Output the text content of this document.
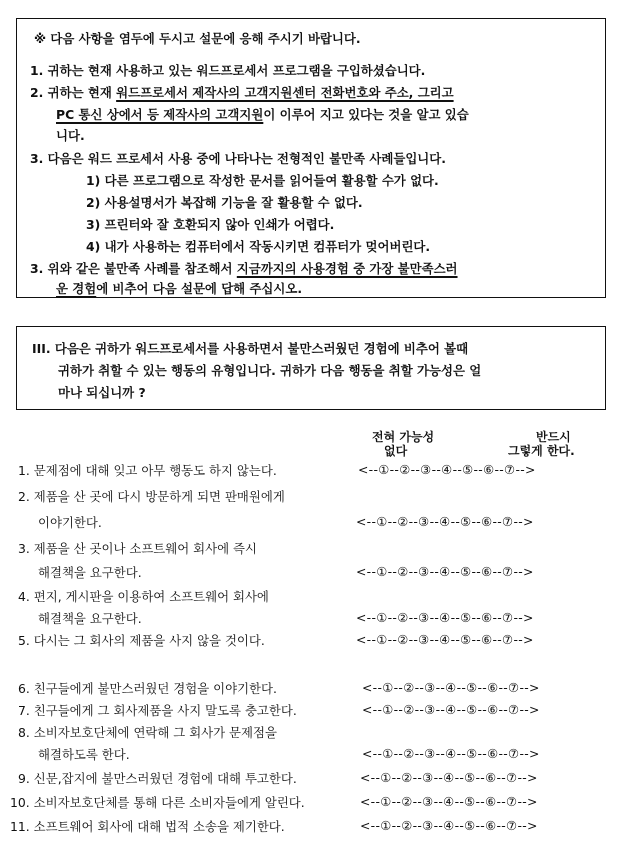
※ 다음 사항을 염두에 두시고 설문에 응해 주시기 바랍니다.
1. 귀하는 현재 사용하고 있는 워드프로세서 프로그램을 구입하셨습니다.
2. 귀하는 현재 워드프로세서 제작사의 고객지원센터 전화번호와 주소, 그리고
PC 통신 상에서 등 제작사의 고객지원이 이루어 지고 있다는 것을 알고 있습
니다.
3. 다음은 워드 프로세서 사용 중에 나타나는 전형적인 불만족 사례들입니다.
1) 다른 프로그램으로 작성한 문서를 읽어들여 활용할 수가 없다.
2) 사용설명서가 복잡해 기능을 잘 활용할 수 없다.
3) 프린터와 잘 호환되지 않아 인쇄가 어렵다.
4) 내가 사용하는 컴퓨터에서 작동시키면 컴퓨터가 멎어버린다.
3. 위와 같은 불만족 사례를 참조해서 지금까지의 사용경험 중 가장 불만족스러
운 경험에 비추어 다음 설문에 답해 주십시오.
III. 다음은 귀하가 워드프로세서를 사용하면서 불만스러웠던 경험에 비추어 볼때
귀하가 취할 수 있는 행동의 유형입니다. 귀하가 다음 행동을 취할 가능성은 얼
마나 되십니까 ?
전혀 가능성
없다
반드시
그렇게 한다.
1. 문제점에 대해 잊고 아무 행동도 하지 않는다.	<--①--②--③--④--⑤--⑥--⑦-->
2. 제품을 산 곳에 다시 방문하게 되면 판매원에게
이야기한다.	<--①--②--③--④--⑤--⑥--⑦-->
3. 제품을 산 곳이나 소프트웨어 회사에 즉시
해결책을 요구한다.	<--①--②--③--④--⑤--⑥--⑦-->
4. 편지, 게시판을 이용하여 소프트웨어 회사에
해결책을 요구한다.	<--①--②--③--④--⑤--⑥--⑦-->
5. 다시는 그 회사의 제품을 사지 않을 것이다.	<--①--②--③--④--⑤--⑥--⑦-->
6. 친구들에게 불만스러웠던 경험을 이야기한다.	<--①--②--③--④--⑤--⑥--⑦-->
7. 친구들에게 그 회사제품을 사지 말도록 충고한다.	<--①--②--③--④--⑤--⑥--⑦-->
8. 소비자보호단체에 연락해 그 회사가 문제점을
해결하도록 한다.	<--①--②--③--④--⑤--⑥--⑦-->
9. 신문,잡지에 불만스러웠던 경험에 대해 투고한다.	<--①--②--③--④--⑤--⑥--⑦-->
10. 소비자보호단체를 통해 다른 소비자들에게 알린다.	<--①--②--③--④--⑤--⑥--⑦-->
11. 소프트웨어 회사에 대해 법적 소송을 제기한다.	<--①--②--③--④--⑤--⑥--⑦-->
